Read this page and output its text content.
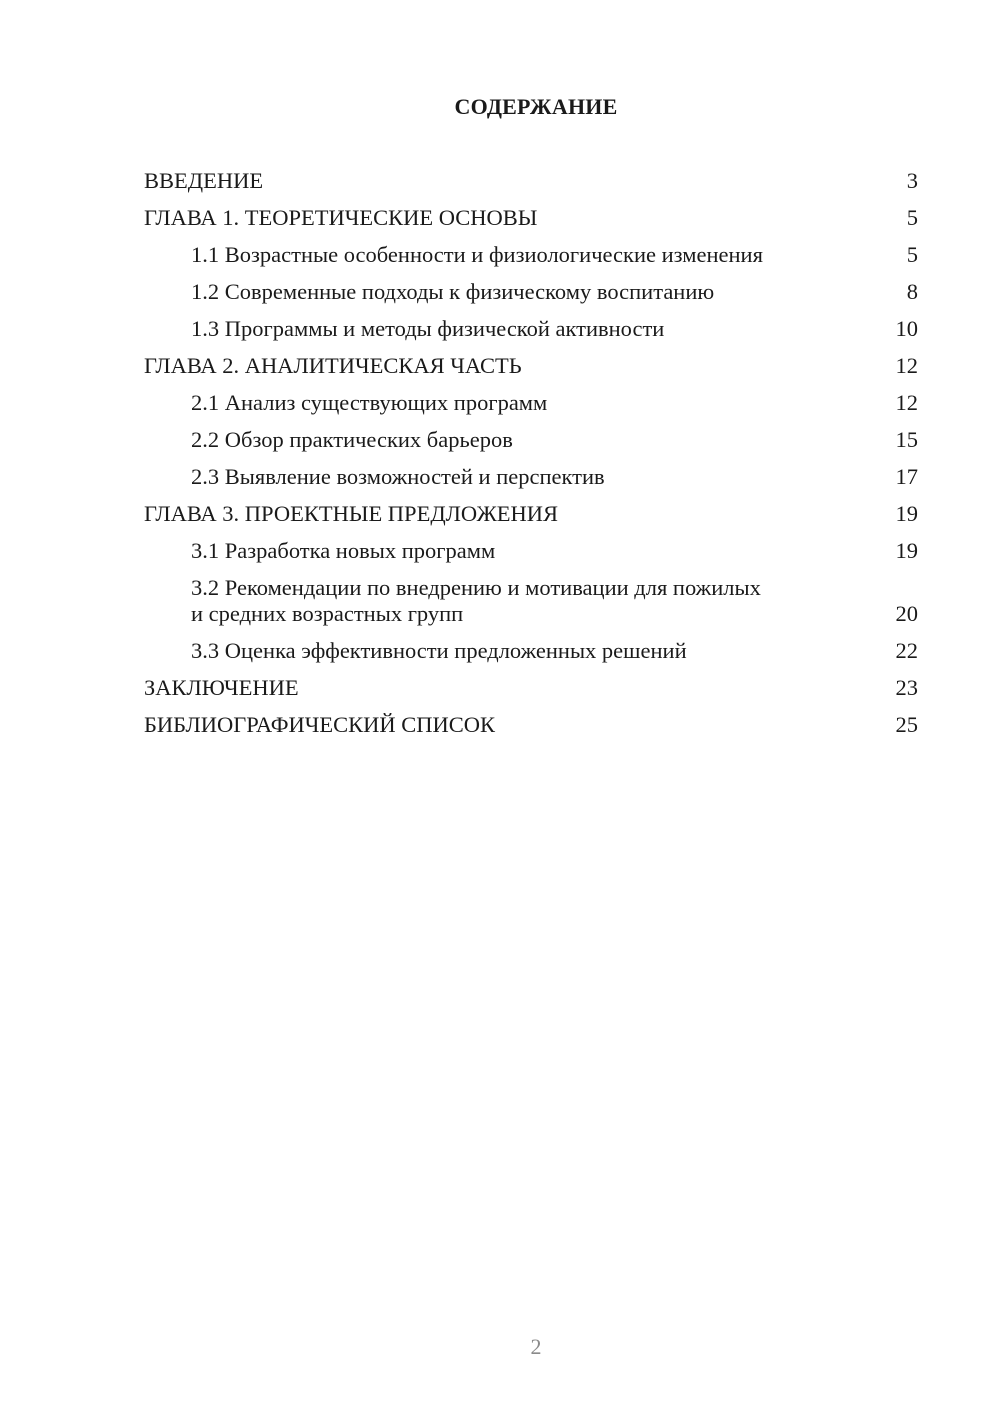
СОДЕРЖАНИЕ
ВВЕДЕНИЕ	3
ГЛАВА 1. ТЕОРЕТИЧЕСКИЕ ОСНОВЫ	5
1.1 Возрастные особенности и физиологические изменения	5
1.2 Современные подходы к физическому воспитанию	8
1.3 Программы и методы физической активности	10
ГЛАВА 2. АНАЛИТИЧЕСКАЯ ЧАСТЬ	12
2.1 Анализ существующих программ	12
2.2 Обзор практических барьеров	15
2.3 Выявление возможностей и перспектив	17
ГЛАВА 3. ПРОЕКТНЫЕ ПРЕДЛОЖЕНИЯ	19
3.1 Разработка новых программ	19
3.2 Рекомендации по внедрению и мотивации для пожилых
и средних возрастных групп	20
3.3 Оценка эффективности предложенных решений	22
ЗАКЛЮЧЕНИЕ	23
БИБЛИОГРАФИЧЕСКИЙ СПИСОК	25
2
